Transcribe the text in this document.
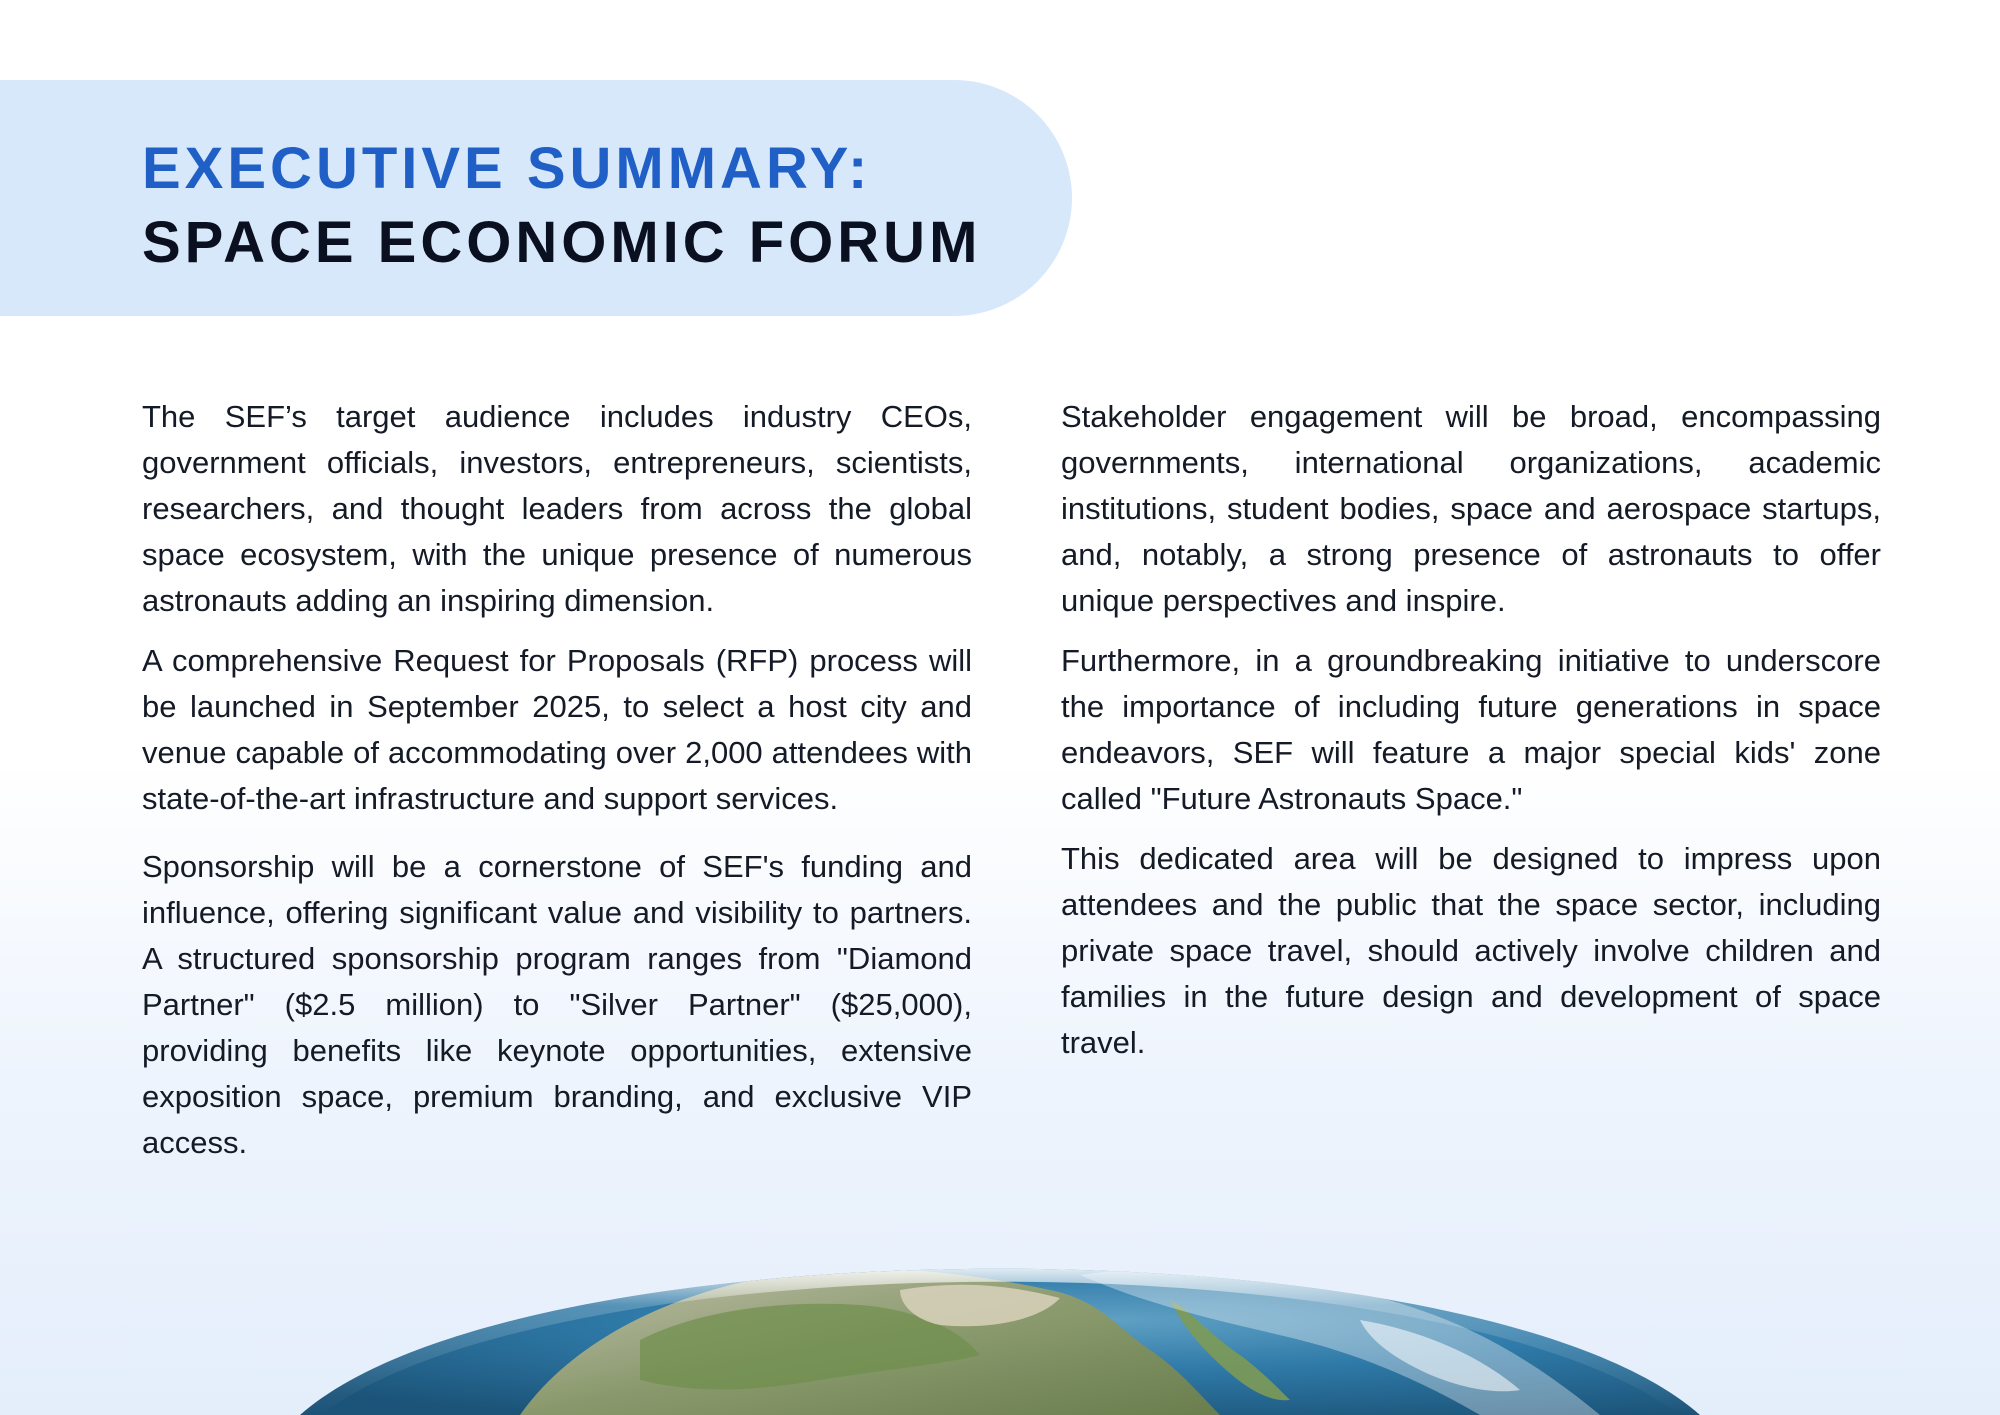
EXECUTIVE SUMMARY:
SPACE ECONOMIC FORUM

The SEF’s target audience includes industry CEOs, government officials, investors, entrepreneurs, scientists, researchers, and thought leaders from across the global space ecosystem, with the unique presence of numerous astronauts adding an inspiring dimension.

A comprehensive Request for Proposals (RFP) process will be launched in September 2025, to select a host city and venue capable of accommodating over 2,000 attendees with state-of-the-art infrastructure and support services.

Sponsorship will be a cornerstone of SEF's funding and influence, offering significant value and visibility to partners. A structured sponsorship program ranges from "Diamond Partner" ($2.5 million) to "Silver Partner" ($25,000), providing benefits like keynote opportunities, extensive exposition space, premium branding, and exclusive VIP access.

Stakeholder engagement will be broad, encompassing governments, international organizations, academic institutions, student bodies, space and aerospace startups, and, notably, a strong presence of astronauts to offer unique perspectives and inspire.

Furthermore, in a groundbreaking initiative to underscore the importance of including future generations in space endeavors, SEF will feature a major special kids' zone called "Future Astronauts Space."

This dedicated area will be designed to impress upon attendees and the public that the space sector, including private space travel, should actively involve children and families in the future design and development of space travel.
